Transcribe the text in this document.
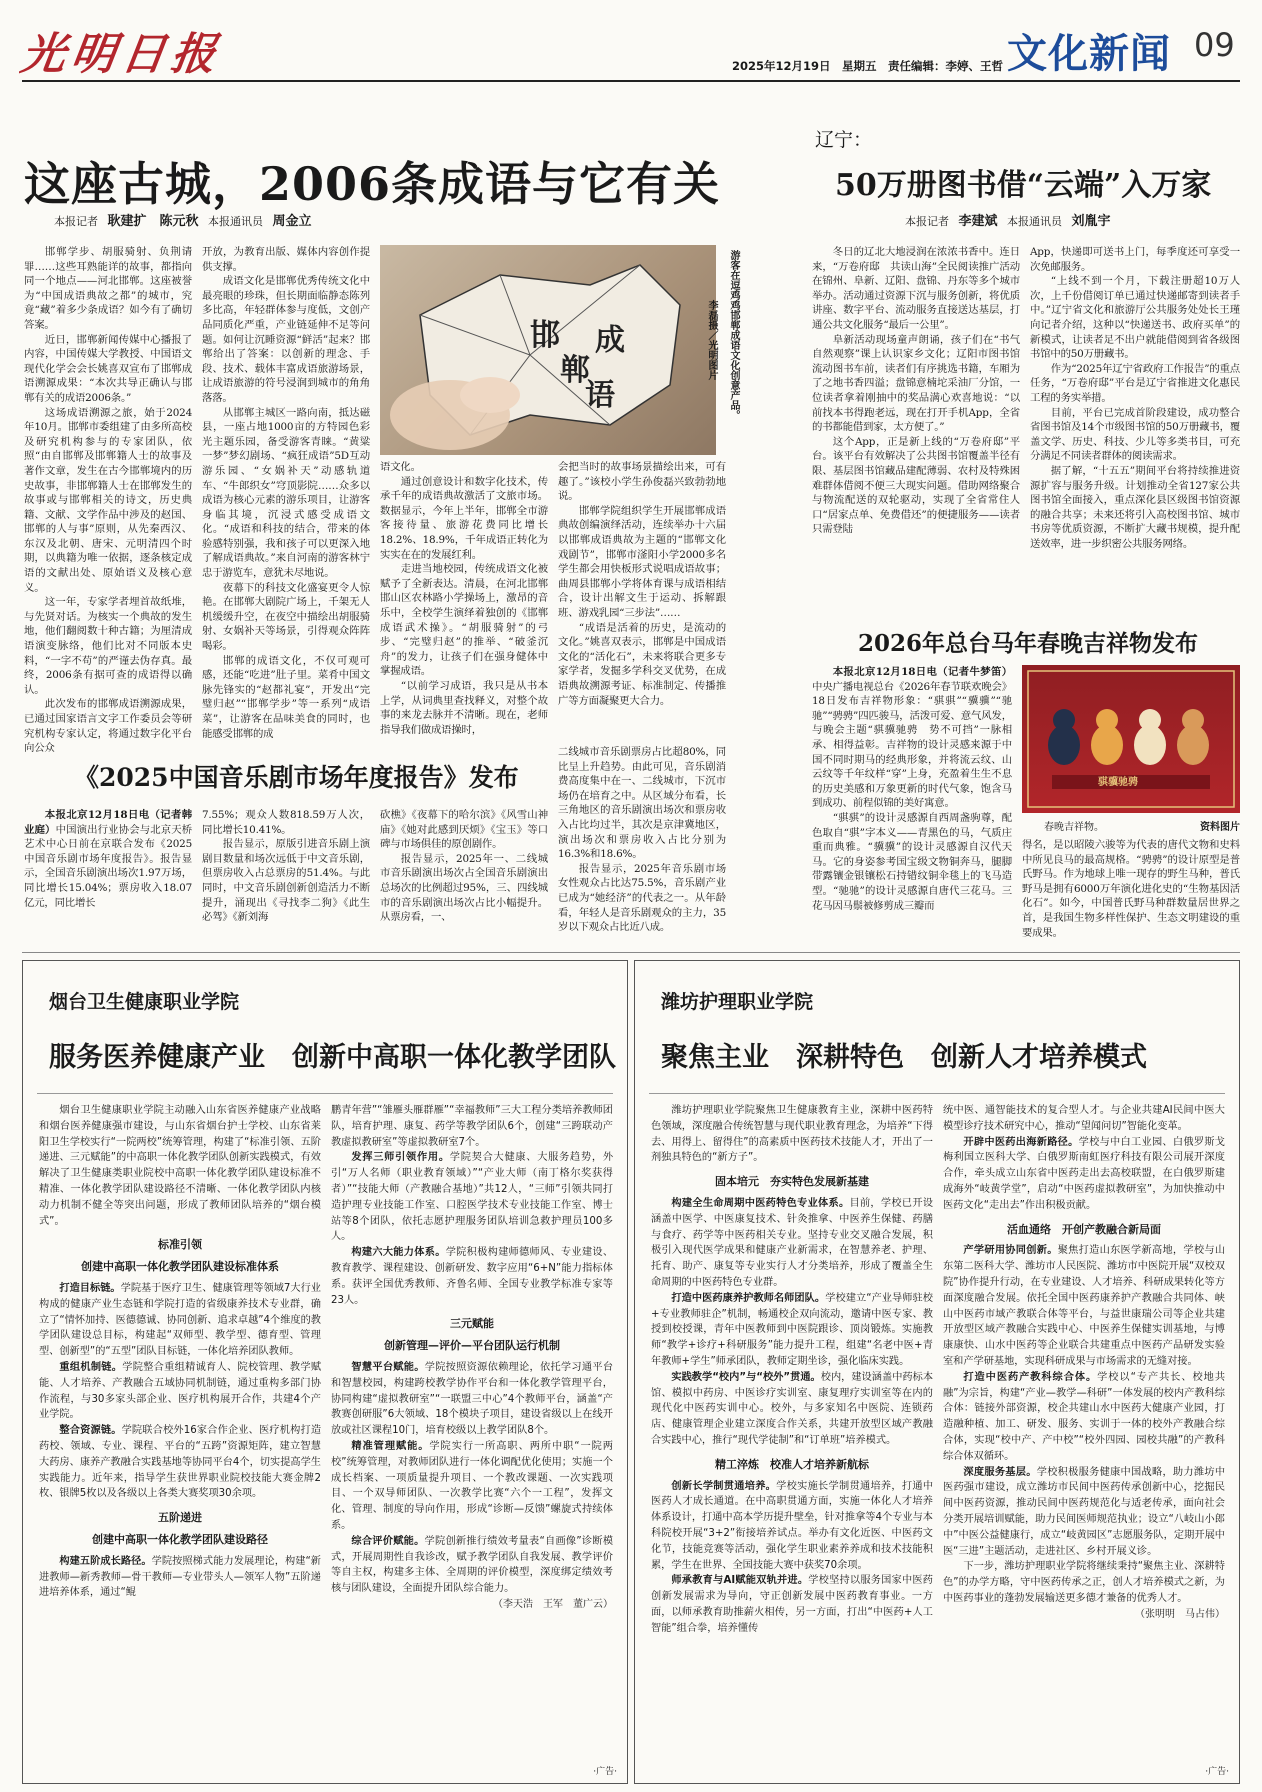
光明日报	2025年12月19日　星期五　责任编辑：李婷、王哲 文化新闻 09
这座古城，2006条成语与它有关
本报记者 耿建扩　陈元秋 本报通讯员 周金立

邯郸学步、胡服骑射、负荆请罪……这些耳熟能详的故事，都指向同一个地点——河北邯郸。这座被誉为“中国成语典故之都”的城市，究竟“藏”着多少条成语？如今有了确切答案。

近日，邯郸新闻传媒中心播报了内容，中国传媒大学教授、中国语文现代化学会会长姚喜双宣布了邯郸成语溯源成果：“本次共导正确认与邯郸有关的成语2006条。”

这场成语溯源之旅，始于2024年10月。邯郸市委组建了由多所高校及研究机构参与的专家团队，依照“由自邯郸及邯郸籍人士的故事及著作文章，发生在古今邯郸境内的历史故事，非邯郸籍人士在邯郸发生的故事或与邯郸相关的诗文，历史典籍、文献、文学作品中涉及的赵国、邯郸的人与事”原则，从先秦西汉、东汉及北朝、唐宋、元明清四个时期，以典籍为唯一依据，逐条核定成语的文献出处、原始语义及核心意义。

这一年，专家学者埋首故纸堆，与先贤对话。为核实一个典故的发生地，他们翻阅数十种古籍；为厘清成语演变脉络，他们比对不同版本史料，“一字不苟”的严谨去伪存真。最终，2006条有据可查的成语得以确认。

此次发布的邯郸成语溯源成果，已通过国家语言文字工作委员会等研究机构专家认定，将通过数字化平台向公众

开放，为教育出版、媒体内容创作提供支撑。

成语文化是邯郸优秀传统文化中最亮眼的珍珠，但长期面临静态陈列多比高，年轻群体参与度低，文创产品同质化严重，产业链延伸不足等问题。如何让沉睡资源“鲜活”起来？邯郸给出了答案：以创新的理念、手段、技术、载体丰富成语旅游场景，让成语旅游的符号浸润到城市的角角落落。

从邯郸主城区一路向南，抵达磁县，一座占地1000亩的方特园色彩光主题乐园，备受游客青睐。“黄粱一梦”梦幻剧场、“疯狂成语”5D互动游乐园、“女娲补天”动感轨道车、“牛郎织女”穹顶影院……众多以成语为核心元素的游乐项目，让游客身临其境，沉浸式感受成语文化。“成语和科技的结合，带来的体验感特别强，我和孩子可以更深入地了解成语典故。”来自河南的游客林宁忠于游览车，意犹未尽地说。

夜幕下的科技文化盛宴更令人惊艳。在邯郸大剧院广场上，千架无人机缓缓升空，在夜空中描绘出胡服骑射、女娲补天等场景，引得观众阵阵喝彩。

邯郸的成语文化，不仅可观可感，还能“吃进”肚子里。菜肴中国文脉先锋实的“赵都礼宴”，开发出“完璧归赵”“邯郸学步”等一系列“成语菜”，让游客在品味美食的同时，也能感受邯郸的成

邯
郸
成
语	游客在逗鸡鸡邯郸成语文化创意产品。
李磊摄／光明图片

语文化。

通过创意设计和数字化技术，传承千年的成语典故激活了文旅市场。数据显示，今年上半年，邯郸全市游客接待量、旅游花费同比增长18.2%、18.9%，千年成语正转化为实实在在的发展红利。

走进当地校园，传统成语文化被赋予了全新表达。清晨，在河北邯郸邯山区农林路小学操场上，激昂的音乐中，全校学生演绎着独创的《邯郸成语武术操》。“胡服骑射”的弓步、“完璧归赵”的推举、“破釜沉舟”的发力，让孩子们在强身健体中掌握成语。

“以前学习成语，我只是从书本上学，从词典里查找释义，对整个故事的来龙去脉并不清晰。现在，老师指导我们做成语操时，

会把当时的故事场景描绘出来，可有趣了。”该校小学生孙俊磊兴致勃勃地说。

邯郸学院组织学生开展邯郸成语典故创编演绎活动，连续举办十六届以邯郸成语典故为主题的“邯郸文化戏剧节”，邯郸市滏阳小学2000多名学生都会用快板形式说唱成语故事；曲周县邯郸小学将体育课与成语相结合，设计出解文生于运动、拆解跟班、游戏乳园“三步法”……

“成语是活着的历史，是流动的文化。”姚喜双表示，邯郸是中国成语文化的“活化石”，未来将联合更多专家学者，发掘多学科交叉优势，在成语典故溯源考证、标准制定、传播推广等方面凝聚更大合力。

辽宁：
50万册图书借“云端”入万家
本报记者 李建斌 本报通讯员 刘胤宇

冬日的辽北大地浸润在浓浓书香中。连日来，“万卷府邸　共读山海”全民阅读推广活动在锦州、阜新、辽阳、盘锦、丹东等多个城市举办。活动通过资源下沉与服务创新，将优质讲座、数字平台、流动服务直接送达基层，打通公共文化服务“最后一公里”。

阜新活动现场童声朗诵，孩子们在“书气自然观察”课上认识家乡文化；辽阳市图书馆流动图书车前，读者们有序挑选书籍，车厢为了之地书香四溢；盘锦意楠坨采油厂分馆，一位读者拿着刚抽中的奖品满心欢喜地说：“以前找本书得跑老远，现在打开手机App，全省的书都能借到家，太方便了。”

这个App，正是新上线的“万卷府邸”平台。该平台有效解决了公共图书馆覆盖半径有限、基层图书馆藏品建配薄弱、农村及特殊困难群体借阅不便三大现实问题。借助网络聚合与物流配送的双轮驱动，实现了全省常住人口“居家点单、免费借还”的便捷服务——读者只需登陆

App，快递即可送书上门，每季度还可享受一次免邮服务。

“上线不到一个月，下载注册超10万人次，上千份借阅订单已通过快递邮寄到读者手中。”辽宁省文化和旅游厅公共服务处处长王瑾向记者介绍，这种以“快递送书、政府买单”的新模式，让读者足不出户就能借阅到省各级图书馆中的50万册藏书。

作为“2025年辽宁省政府工作报告”的重点任务，“万卷府邸”平台是辽宁省推进文化惠民工程的务实举措。

目前，平台已完成首阶段建设，成功整合省图书馆及14个市级图书馆的50万册藏书，覆盖文学、历史、科技、少儿等多类书目，可充分满足不同读者群体的阅读需求。

据了解，“十五五”期间平台将持续推进资源扩容与服务升级。计划推动全省127家公共图书馆全面接入，重点深化县区级图书馆资源的融合共享；未来还将引入高校图书馆、城市书房等优质资源，不断扩大藏书规模，提升配送效率，进一步织密公共服务网络。

2026年总台马年春晚吉祥物发布

本报北京12月18日电（记者牛梦笛）中央广播电视总台《2026年春节联欢晚会》18日发布吉祥物形象：“骐骐”“骥骥”“驰驰”“骋骋”四匹骏马，活泼可爱、意气风发，与晚会主题“骐骥驰骋　势不可挡”一脉相承、相得益彰。吉祥物的设计灵感来源于中国不同时期马的经典形象，并将流云纹、山云纹等千年纹样“穿”上身，充盈着生生不息的历史美感和万象更新的时代气象，饱含马到成功、前程似锦的美好寓意。

“骐骐”的设计灵感源自西周盏驹尊，配色取自“骐”字本义——青黑色的马，气质庄重而典雅。“骥骥”的设计灵感源自汉代天马。它的身姿参考国宝级文物铜奔马，腿脚带露镶金银镶松石持错纹铜伞毯上的飞马造型。“驰驰”的设计灵感源自唐代三花马。三花马因马鬃被修剪成三瓣而

骐骥驰骋
春晚吉祥物。	资料图片

得名，是以昭陵六骏等为代表的唐代文物和史料中所见良马的最高规格。“骋骋”的设计原型是普氏野马。作为地球上唯一现存的野生马种，普氏野马是拥有6000万年演化进化史的“生物基因活化石”。如今，中国普氏野马种群数量居世界之首，是我国生物多样性保护、生态文明建设的重要成果。

《2025中国音乐剧市场年度报告》发布

本报北京12月18日电（记者韩业庭）中国演出行业协会与北京天桥艺术中心日前在京联合发布《2025中国音乐剧市场年度报告》。报告显示，全国音乐剧演出场次1.97万场，同比增长15.04%；票房收入18.07亿元，同比增长

7.55%；观众人数818.59万人次，同比增长10.41%。

报告显示，原版引进音乐剧上演剧目数量和场次远低于中文音乐剧，但票房收入占总票房的51.4%。与此同时，中文音乐剧创新创造活力不断提升，涌现出《寻找李二狗》《此生必驾》《新刘海

砍樵》《夜幕下的哈尔滨》《风雪山神庙》《她对此感到厌烦》《宝玉》等口碑与市场俱佳的原创剧作。

报告显示，2025年一、二线城市音乐剧演出场次占全国音乐剧演出总场次的比例超过95%，三、四线城市的音乐剧演出场次占比小幅提升。从票房看，一、

二线城市音乐剧票房占比超80%，同比呈上升趋势。由此可见，音乐剧消费高度集中在一、二线城市，下沉市场仍在培育之中。从区域分布看，长三角地区的音乐剧演出场次和票房收入占比均过半，其次是京津冀地区，演出场次和票房收入占比分别为16.3%和18.6%。

报告显示，2025年音乐剧市场女性观众占比达75.5%，音乐剧产业已成为“她经济”的代表之一。从年龄看，年轻人是音乐剧观众的主力，35岁以下观众占比近八成。

烟台卫生健康职业学院
服务医养健康产业　创新中高职一体化教学团队

烟台卫生健康职业学院主动融入山东省医养健康产业战略和烟台医养健康强市建设，与山东省烟台护士学校、山东省莱阳卫生学校实行“一院两校”统筹管理，构建了“标准引领、五阶递进、三元赋能”的中高职一体化教学团队创新实践模式，有效解决了卫生健康类职业院校中高职一体化教学团队建设标准不精准、一体化教学团队建设路径不清晰、一体化教学团队内核动力机制不健全等突出问题，形成了教师团队培养的“烟台模式”。

标准引领

创建中高职一体化教学团队建设标准体系

打造目标链。学院基于医疗卫生、健康管理等领域7大行业构成的健康产业生态链和学院打造的省级康养技术专业群，确立了“情怀加持、医德德诚、协同创新、追求卓越”4个维度的教学团队建设总目标，构建起“双师型、教学型、德育型、管理型、创新型”的“五型”团队目标链，一体化培养团队教师。

重组机制链。学院整合重组精诚育人、院校管理、教学赋能、人才培养、产教融合五域协同机制链，通过重构多部门协作流程，与30多家头部企业、医疗机构展开合作，共建4个产业学院。

整合资源链。学院联合校外16家合作企业、医疗机构打造药校、领域、专业、课程、平台的“五跨”资源矩阵，建立智慧大药房、康养产教融合实践基地等协同平台4个，切实提高学生实践能力。近年来，指导学生获世界职业院校技能大赛金牌2枚、银牌5枚以及各级以上各类大赛奖项30余项。

五阶递进

创建中高职一体化教学团队建设路径

构建五阶成长路径。学院按照梯式能力发展理论，构建“新进教师—新秀教师—骨干教师—专业带头人—领军人物”五阶递进培养体系，通过“鲲

鹏青年营”“雏雁头雁群雁”“幸福教师”三大工程分类培养教师团队，培育护理、康复、药学等教学团队6个，创建“三跨联动产教虚拟教研室”等虚拟教研室7个。

发挥三师引领作用。学院契合大健康、大服务趋势，外引“万人名师（职业教育领域）”“产业大师（南丁格尔奖获得者）”“技能大师（产教融合基地）”共12人，“三师”引领共同打造护理专业技能工作室、口腔医学技术专业技能工作室、博士站等8个团队，依托志愿护理服务团队培训急救护理员100多人。

构建六大能力体系。学院积极构建师德师风、专业建设、教育教学、课程建设、创新研发、数字应用“6+N”能力指标体系。获评全国优秀教师、齐鲁名师、全国专业教学标准专家等23人。

三元赋能

创新管理—评价—平台团队运行机制

智慧平台赋能。学院按照资源依赖理论，依托学习通平台和智慧校园，构建跨校教学协作平台和一体化教学管理平台，协同构建“虚拟教研室”“一联盟三中心”4个教师平台，涵盖“产教赛创研服”6大领域、18个模块子项目，建设省级以上在线开放或社区课程10门，培育校级以上教学团队8个。

精准管理赋能。学院实行一所高职、两所中职“一院两校”统筹管理，对教师团队进行一体化调配优化使用；实施一个成长档案、一项质量提升项目、一个教改课题、一次实践项目、一个双导师团队、一次教学比赛“六个一工程”，发挥文化、管理、制度的导向作用，形成“诊断—反馈”螺旋式持续体系。

综合评价赋能。学院创新推行绩效考量表“自画像”诊断模式，开展周期性自我诊改，赋予教学团队自我发展、教学评价等自主权，构建多主体、全周期的评价模型，深度绑定绩效考核与团队建设，全面提升团队综合能力。

（李天浩　王军　董广云）

·广告·
潍坊护理职业学院
聚焦主业　深耕特色　创新人才培养模式

潍坊护理职业学院聚焦卫生健康教育主业，深耕中医药特色领域，深度融合传统智慧与现代职业教育理念，为培养“下得去、用得上、留得住”的高素质中医药技术技能人才，开出了一剂独具特色的“新方子”。

固本培元　夯实特色发展新基建

构建全生命周期中医药特色专业体系。目前，学校已开设涵盖中医学、中医康复技术、针灸推拿、中医养生保健、药膳与食疗、药学等中医药相关专业。坚持专业交叉融合发展，积极引入现代医学成果和健康产业新需求，在智慧养老、护理、托育、助产、康复等专业实行人才分类培养，形成了覆盖全生命周期的中医药特色专业群。

打造中医药康养护教师名师团队。学校建立“产业导师驻校+专业教师驻企”机制，畅通校企双向流动，邀请中医专家、教授到校授课，青年中医教师到中医院跟诊、顶岗锻炼。实施教师“教学+诊疗+科研服务”能力提升工程，组建“名老中医+青年教师+学生”师承团队，教师定期坐诊，强化临床实践。

实践教学“校内”与“校外”贯通。校内，建设涵盖中药标本馆、模拟中药房、中医诊疗实训室、康复理疗实训室等在内的现代化中医药实训中心。校外，与多家知名中医院、连锁药店、健康管理企业建立深度合作关系，共建开放型区域产教融合实践中心，推行“现代学徒制”和“订单班”培养模式。

精工淬炼　校准人才培养新航标

创新长学制贯通培养。学校实施长学制贯通培养，打通中医药人才成长通道。在中高职贯通方面，实施一体化人才培养体系设计，打通中高本学历提升壁垒，针对推拿等4个专业与本科院校开展“3+2”衔接培养试点。举办有文化近医、中医药文化节，技能竞赛等活动，强化学生职业素养养成和技术技能积累，学生在世界、全国技能大赛中获奖70余项。

师承教育与AI赋能双轨并进。学校坚持以服务国家中医药创新发展需求为导向，守正创新发展中医药教育事业。一方面，以师承教育助推薪火相传，另一方面，打出“中医药+人工智能”组合拳，培养懂传

统中医、通智能技术的复合型人才。与企业共建AI民间中医大模型诊疗技术研究中心，推动“望闻问切”智能化变革。

开辟中医药出海新路径。学校与中白工业园、白俄罗斯戈梅利国立医科大学、白俄罗斯南虹医疗科技有限公司展开深度合作，牵头成立山东省中医药走出去高校联盟，在白俄罗斯建成海外“岐黄学堂”，启动“中医药虚拟教研室”，为加快推动中医药文化“走出去”作出积极贡献。

活血通络　开创产教融合新局面

产学研用协同创新。聚焦打造山东医学新高地，学校与山东第二医科大学、潍坊市人民医院、潍坊市中医院开展“双校双院”协作提升行动，在专业建设、人才培养、科研成果转化等方面深度融合发展。依托全国中医药康养护产教融合共同体、峡山中医药市域产教联合体等平台，与益世康瑞公司等企业共建开放型区域产教融合实践中心、中医养生保健实训基地，与博康康快、山水中医药等企业联合共建重点中医药产品研发实验室和产学研基地，实现科研成果与市场需求的无缝对接。

打造中医药产教科综合体。学校以“专产共长、校地共融”为宗旨，构建“产业—教学—科研”一体发展的校内产教科综合体：链接外部资源，校企共建山水中医药大健康产业园，打造融种植、加工、研发、服务、实训于一体的校外产教融合综合体，实现“校中产、产中校”“校外四园、园校共融”的产教科综合体双循环。

深度服务基层。学校积极服务健康中国战略，助力潍坊中医药强市建设，成立潍坊市民间中医药传承创新中心，挖掘民间中医药资源，推动民间中医药规范化与适老传承，面向社会分类开展培训赋能，助力民间医师规范执业；设立“八岐山小郎中”中医公益健康行，成立“岐黄园区”志愿服务队，定期开展中医“三进”主题活动，走进社区、乡村开展义诊。

下一步，潍坊护理职业学院将继续秉持“聚焦主业、深耕特色”的办学方略，守中医药传承之正，创人才培养模式之新，为中医药事业的蓬勃发展输送更多德才兼备的优秀人才。

（张明明　马占伟）

·广告·
